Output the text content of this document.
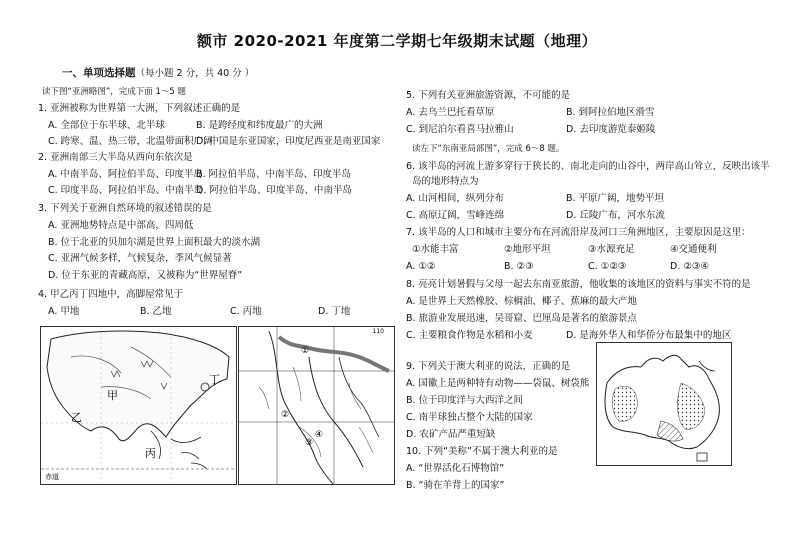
额市 2020-2021 年度第二学期七年级期末试题（地理）
一、单项选择题（每小题 2 分，共 40 分 ）
读下图“亚洲略图”，完成下面 1～5 题
1. 亚洲被称为世界第一大洲，下列叙述正确的是
A. 全部位于东半球、北半球	B. 是跨经度和纬度最广的大洲
C. 跨寒、温、热三带，北温带面积广阔
D. 中国是东亚国家，印度尼西亚是南亚国家
2. 亚洲南部三大半岛从西向东依次是
A. 中南半岛、阿拉伯半岛、印度半岛
B. 阿拉伯半岛、中南半岛、印度半岛
C. 印度半岛、阿拉伯半岛、中南半岛
D. 阿拉伯半岛、印度半岛、中南半岛
3. 下列关于亚洲自然环境的叙述错误的是
A. 亚洲地势特点是中部高，四周低
B. 位于北亚的贝加尔湖是世界上面积最大的淡水湖
C. 亚洲气候多样，气候复杂，季风气候显著
D. 位于东亚的青藏高原，又被称为“世界屋脊”
4. 甲乙丙丁四地中，高脚屋常见于
A. 甲地	B. 乙地	C. 丙地	D. 丁地
乙
甲
丙
丁
赤道
110
①
②
③
④
5. 下列有关亚洲旅游资源，不可能的是
A. 去乌兰巴托看草原	B. 到阿拉伯地区滑雪
C. 到尼泊尔看喜马拉雅山	D. 去印度游览泰姬陵
读左下“东南亚局部图”，完成 6～8 题。
6. 该半岛的河流上游多穿行于狭长的、南北走向的山谷中，两岸高山耸立，反映出该半
岛的地形特点为
A. 山河相间，纵列分布	B. 平原广阔，地势平坦
C. 高原辽阔，雪峰连绵	D. 丘陵广布，河水东流
7. 该半岛的人口和城市主要分布在河流沿岸及河口三角洲地区，主要原因是这里：
①水能丰富	②地形平坦	③水源充足	④交通便利
A. ①②	B. ②③	C. ①②③	D. ②③④
8. 亮亮计划暑假与父母一起去东南亚旅游，他收集的该地区的资料与事实不符的是
A. 是世界上天然橡胶、棕榈油、椰子、蕉麻的最大产地
B. 旅游业发展迅速，吴哥窟、巴厘岛是著名的旅游景点
C. 主要粮食作物是水稻和小麦	D. 是海外华人和华侨分布最集中的地区
9. 下列关于澳大利亚的说法，正确的是
A. 国徽上是两种特有动物——袋鼠、树袋熊
B. 位于印度洋与大西洋之间
C. 南半球独占整个大陆的国家
D. 农矿产品严重短缺
10. 下列“美称”不属于澳大利亚的是
A. “世界活化石博物馆”
B. “骑在羊背上的国家”
